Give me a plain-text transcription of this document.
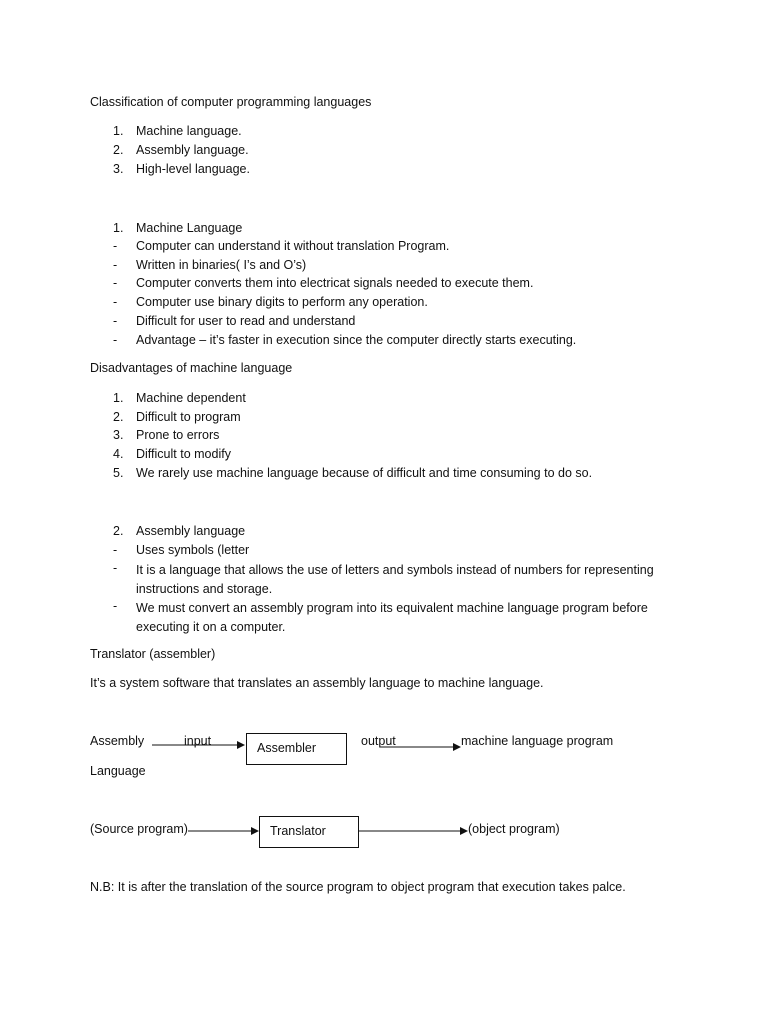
Classification of computer programming languages
1. Machine language.
2. Assembly language.
3. High-level language.
1. Machine Language
- Computer can understand it without translation Program.
- Written in binaries( I’s and O’s)
- Computer converts them into electricat signals needed to execute them.
- Computer use binary digits to perform any operation.
- Difficult for user to read and understand
- Advantage – it’s faster in execution since the computer directly starts executing.
Disadvantages of machine language
1. Machine dependent
2. Difficult to program
3. Prone to errors
4. Difficult to modify
5. We rarely use machine language because of difficult and time consuming to do so.
2. Assembly language
- Uses symbols (letter
- It is a language that allows the use of letters and symbols instead of numbers for representing instructions and storage.
- We must convert an assembly program into its equivalent machine language program before executing it on a computer.
Translator (assembler)
It’s a system software that translates an assembly language to machine language.
Assembly	input	Assembler	output	machine language program
Language
(Source program)	Translator	(object program)
N.B: It is after the translation of the source program to object program that execution takes palce.
